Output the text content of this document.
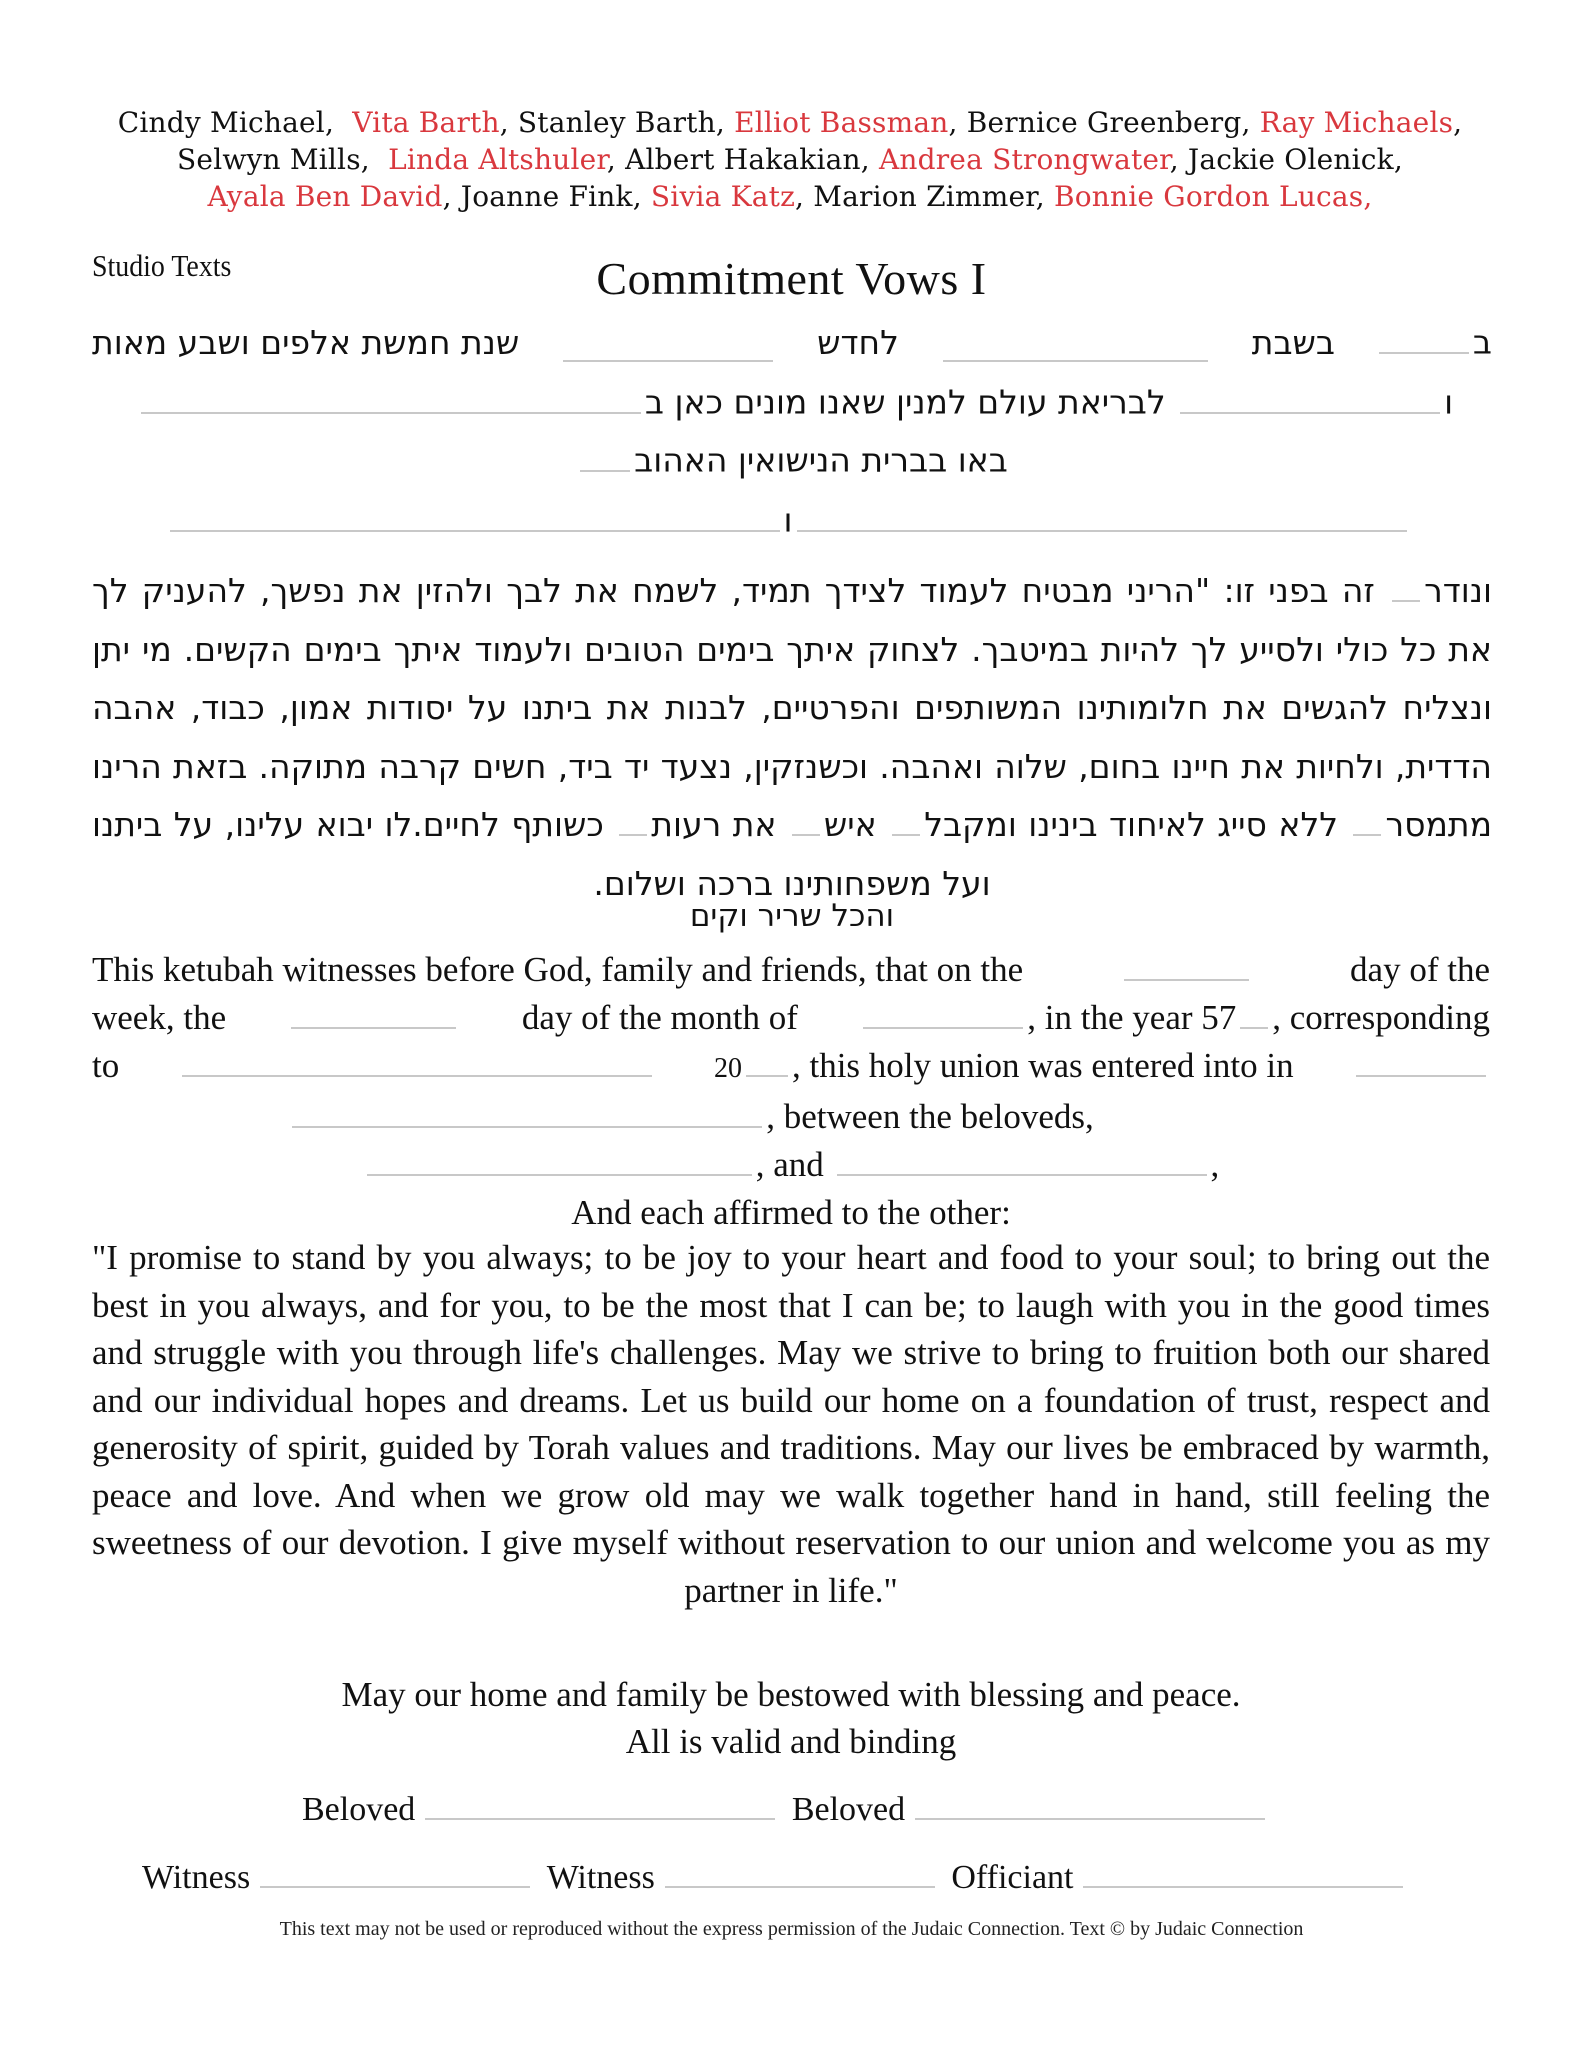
Cindy Michael,  Vita Barth, Stanley Barth, Elliot Bassman, Bernice Greenberg, Ray Michaels,
Selwyn Mills,  Linda Altshuler, Albert Hakakian, Andrea Strongwater, Jackie Olenick,
Ayala Ben David, Joanne Fink, Sivia Katz, Marion Zimmer, Bonnie Gordon Lucas,
Studio Texts	Commitment Vows I
ב
בשבת
לחדש
שנת חמשת אלפים ושבע מאות
ו לבריאת עולם למנין שאנו מונים כאן ב
באו בברית הנישואין האהוב
ו
ונודר זה בפני זו: "הריני מבטיח לעמוד לצידך תמיד, לשמח את לבך ולהזין את נפשך, להעניק לך את כל כולי ולסייע לך להיות במיטבך. לצחוק איתך בימים הטובים ולעמוד איתך בימים הקשים. מי יתן ונצליח להגשים את חלומותינו המשותפים והפרטיים, לבנות את ביתנו על יסודות אמון, כבוד, אהבה הדדית, ולחיות את חיינו בחום, שלוה ואהבה. וכשנזקין, נצעד יד ביד, חשים קרבה מתוקה. בזאת הרינו מתמסר ללא סייג לאיחוד בינינו ומקבל איש את רעות כשותף לחיים.לו יבוא עלינו, על ביתנו ועל משפחותינו ברכה ושלום.
והכל שריר וקים
This ketubah witnesses before God, family and friends, that on the	day of the
week, the	day of the month of	, in the year 57 , corresponding
to	20 , this holy union was entered into in
, between the beloveds,
, and	,
And each affirmed to the other:
"I promise to stand by you always; to be joy to your heart and food to your soul; to bring out the best in you always, and for you, to be the most that I can be; to laugh with you in the good times and struggle with you through life's challenges. May we strive to bring to fruition both our shared and our individual hopes and dreams. Let us build our home on a foundation of trust, respect and generosity of spirit, guided by Torah values and traditions. May our lives be embraced by warmth, peace and love. And when we grow old may we walk together hand in hand, still feeling the sweetness of our devotion. I give myself without reservation to our union and welcome you as my partner in life."
May our home and family be bestowed with blessing and peace.
All is valid and binding
Beloved	Beloved
Witness	Witness	Officiant
This text may not be used or reproduced without the express permission of the Judaic Connection. Text © by Judaic Connection
